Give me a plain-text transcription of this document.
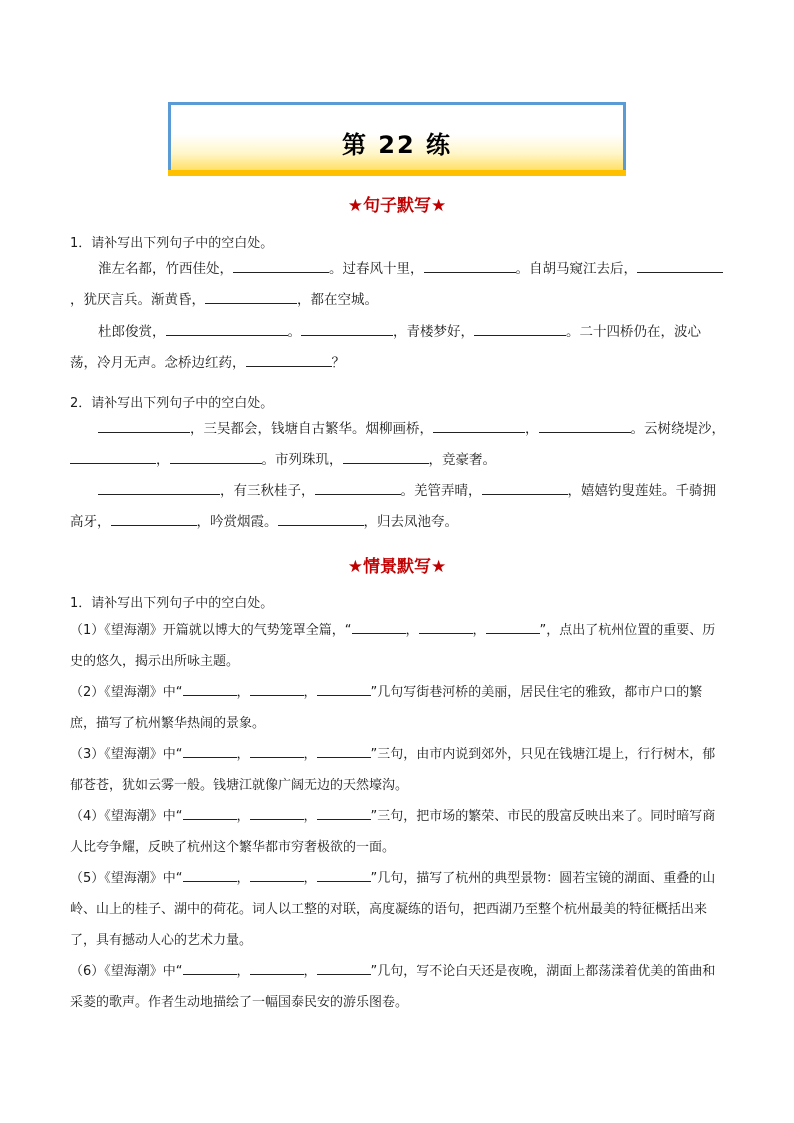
第 22 练
★句子默写★
1．请补写出下列句子中的空白处。

淮左名都，竹西佳处，	。过春风十里，	。自胡马窥江去后，，犹厌言兵。渐黄昏，	，都在空城。

杜郎俊赏，	。	，青楼梦好，	。二十四桥仍在，波心荡，冷月无声。念桥边红药，	？

2．请补写出下列句子中的空白处。

，三吴都会，钱塘自古繁华。烟柳画桥，	，	。云树绕堤沙，，	。市列珠玑，	，竞豪奢。

，有三秋桂子，	。羌管弄晴，	，嬉嬉钓叟莲娃。千骑拥高牙，	，吟赏烟霞。	，归去凤池夸。

★情景默写★
1．请补写出下列句子中的空白处。

（1）《望海潮》开篇就以博大的气势笼罩全篇，“	，	，	”，点出了杭州位置的重要、历史的悠久，揭示出所咏主题。

（2）《望海潮》中“	，	，	”几句写街巷河桥的美丽，居民住宅的雅致，都市户口的繁庶，描写了杭州繁华热闹的景象。

（3）《望海潮》中“	，	，	”三句，由市内说到郊外，只见在钱塘江堤上，行行树木，郁郁苍苍，犹如云雾一般。钱塘江就像广阔无边的天然壕沟。

（4）《望海潮》中“	，	，	”三句，把市场的繁荣、市民的殷富反映出来了。同时暗写商人比夸争耀，反映了杭州这个繁华都市穷奢极欲的一面。

（5）《望海潮》中“	，	，	”几句，描写了杭州的典型景物：圆若宝镜的湖面、重叠的山岭、山上的桂子、湖中的荷花。词人以工整的对联，高度凝练的语句，把西湖乃至整个杭州最美的特征概括出来了，具有撼动人心的艺术力量。

（6）《望海潮》中“	，	，	”几句，写不论白天还是夜晚，湖面上都荡漾着优美的笛曲和采菱的歌声。作者生动地描绘了一幅国泰民安的游乐图卷。
